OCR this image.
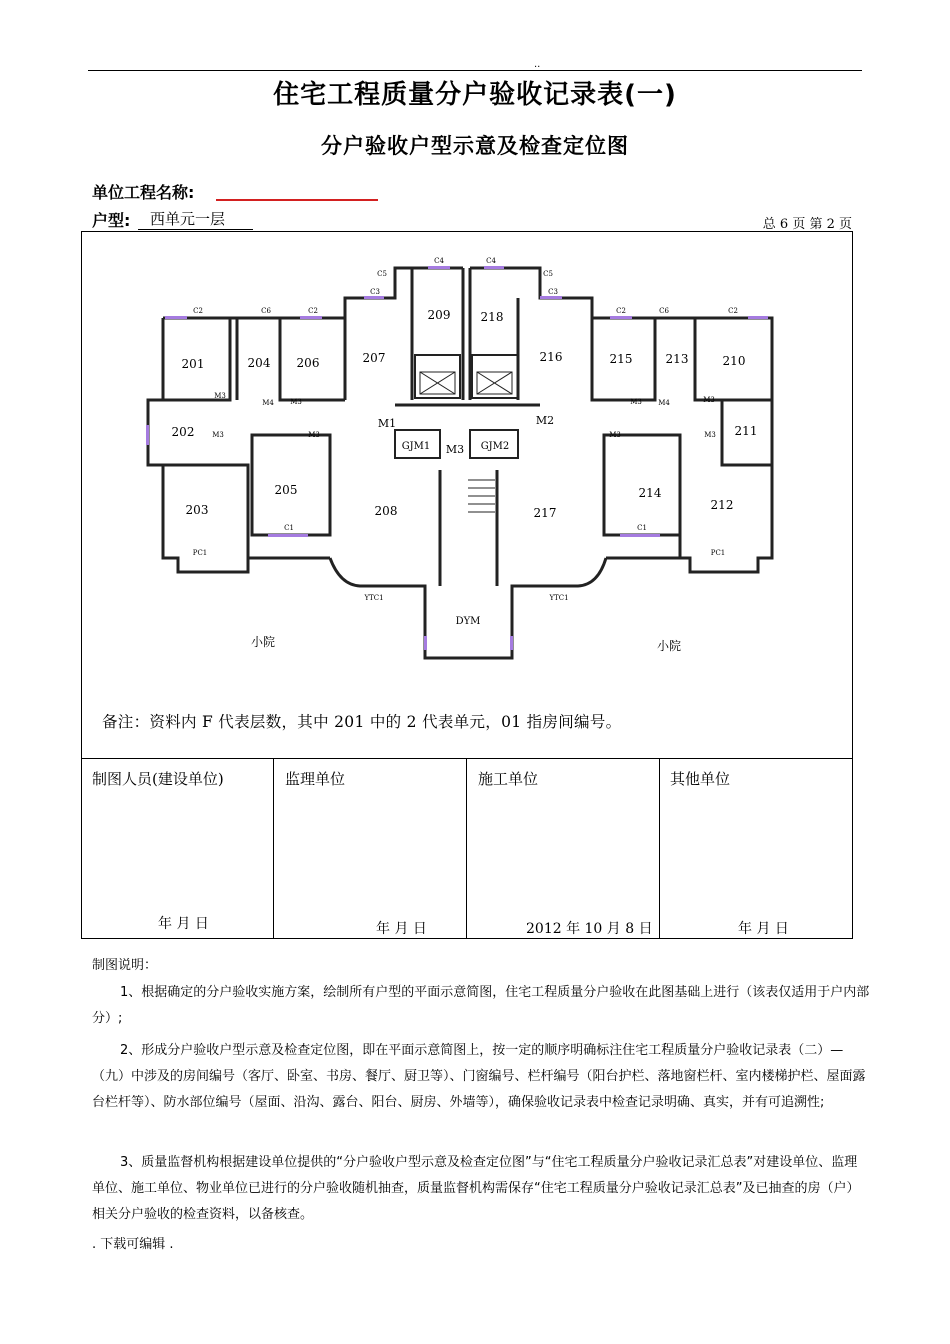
..
住宅工程质量分户验收记录表(一)
分户验收户型示意及检查定位图
单位工程名称:
户型: 西单元一层	总 6 页 第 2 页
201
202
203
204
205
206	207
208
209
210
211
212
213
214
215
216
217
218
小院	小院
DYM
M1	M2
M3
GJM1	GJM2
C2	C6	C2
C3
C5
C4	C4
C5
C3
C2	C6	C2
C1	C1
PC1	PC1
YTC1	YTC1
M3
M4 M3
M3	M3	M3	M3
M3 M4	M3
备注：资料内 F 代表层数，其中 201 中的 2 代表单元，01 指房间编号。
制图人员(建设单位)	监理单位	施工单位	其他单位
年 月 日	年 月 日	2012 年 10 月 8 日	年 月 日
制图说明：
1、根据确定的分户验收实施方案，绘制所有户型的平面示意简图，住宅工程质量分户验收在此图基础上进行（该表仅适用于户内部分）;
2、形成分户验收户型示意及检查定位图，即在平面示意简图上，按一定的顺序明确标注住宅工程质量分户验收记录表（二）—（九）中涉及的房间编号（客厅、卧室、书房、餐厅、厨卫等）、门窗编号、栏杆编号（阳台护栏、落地窗栏杆、室内楼梯护栏、屋面露台栏杆等）、防水部位编号（屋面、沿沟、露台、阳台、厨房、外墙等），确保验收记录表中检查记录明确、真实，并有可追溯性;
3、质量监督机构根据建设单位提供的“分户验收户型示意及检查定位图”与“住宅工程质量分户验收记录汇总表”对建设单位、监理单位、施工单位、物业单位已进行的分户验收随机抽查，质量监督机构需保存“住宅工程质量分户验收记录汇总表”及已抽查的房（户）相关分户验收的检查资料，以备核查。
. 下载可编辑 .
